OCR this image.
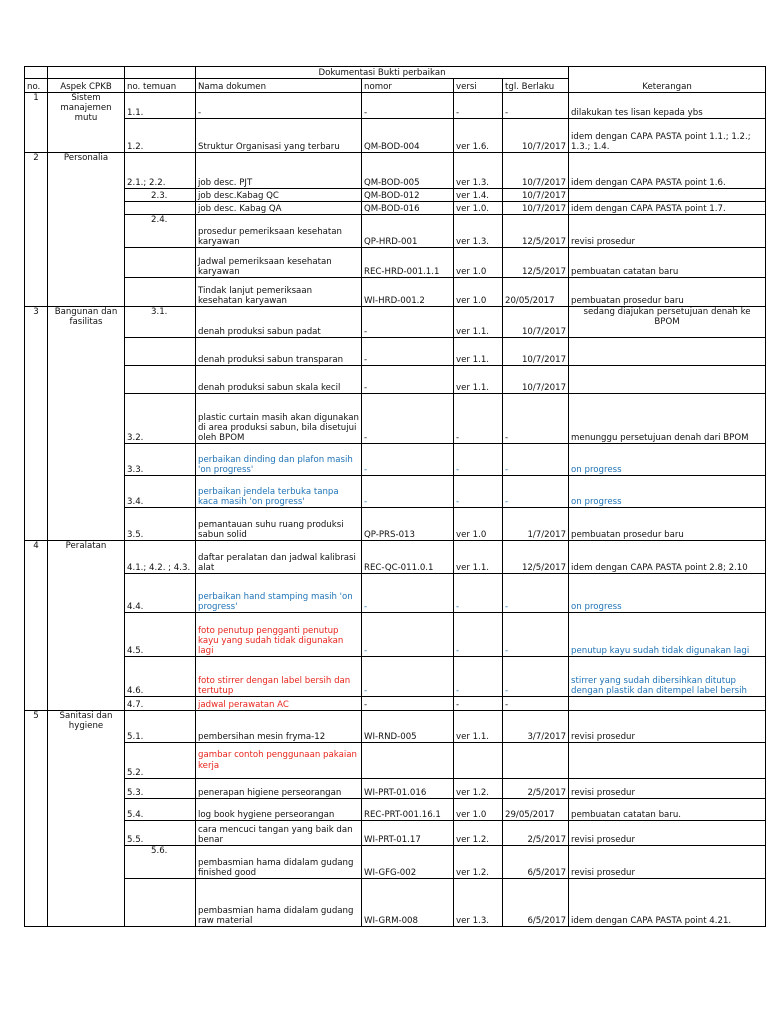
			Dokumentasi Bukti perbaikan				Keterangan
no.	Aspek CPKB	no. temuan	Nama dokumen	nomor	versi	tgl. Berlaku	
1	Sistem manajemen mutu	1.1.	-	-	-	-	dilakukan tes lisan kepada ybs
		1.2.	Struktur Organisasi yang terbaru	QM-BOD-004	ver 1.6.	10/7/2017	idem dengan CAPA PASTA point 1.1.; 1.2.; 1.3.; 1.4.
2	Personalia	2.1.; 2.2.	job desc. PJT	QM-BOD-005	ver 1.3.	10/7/2017	idem dengan CAPA PASTA point 1.6.
		2.3.	job desc.Kabag QC	QM-BOD-012	ver 1.4.	10/7/2017	
			job desc. Kabag QA	QM-BOD-016	ver 1.0.	10/7/2017	idem dengan CAPA PASTA point 1.7.
		2.4.	prosedur pemeriksaan kesehatan karyawan	QP-HRD-001	ver 1.3.	12/5/2017	revisi prosedur
			Jadwal pemeriksaan kesehatan karyawan	REC-HRD-001.1.1	ver 1.0	12/5/2017	pembuatan catatan baru
			Tindak lanjut pemeriksaan kesehatan karyawan	WI-HRD-001.2	ver 1.0	20/05/2017	pembuatan prosedur baru
3	Bangunan dan fasilitas	3.1.	denah produksi sabun padat	-	ver 1.1.	10/7/2017	sedang diajukan persetujuan denah ke BPOM
			denah produksi sabun transparan	-	ver 1.1.	10/7/2017	
			denah produksi sabun skala kecil	-	ver 1.1.	10/7/2017	
		3.2.	plastic curtain masih akan digunakan di area produksi sabun, bila disetujui oleh BPOM	-	-	-	menunggu persetujuan denah dari BPOM
		3.3.	perbaikan dinding dan plafon masih 'on progress'	-	-	-	on progress
		3.4.	perbaikan jendela terbuka tanpa kaca masih 'on progress'	-	-	-	on progress
		3.5.	pemantauan suhu ruang produksi sabun solid	QP-PRS-013	ver 1.0	1/7/2017	pembuatan prosedur baru
4	Peralatan	4.1.; 4.2. ; 4.3.	daftar peralatan dan jadwal kalibrasi alat	REC-QC-011.0.1	ver 1.1.	12/5/2017	idem dengan CAPA PASTA point 2.8; 2.10
		4.4.	perbaikan hand stamping masih 'on progress'	-	-	-	on progress
		4.5.	foto penutup pengganti penutup kayu yang sudah tidak digunakan lagi	-	-	-	penutup kayu sudah tidak digunakan lagi
		4.6.	foto stirrer dengan label bersih dan tertutup	-	-	-	stirrer yang sudah dibersihkan ditutup dengan plastik dan ditempel label bersih
		4.7.	jadwal perawatan AC	-	-	-	
5	Sanitasi dan hygiene	5.1.	pembersihan mesin fryma-12	WI-RND-005	ver 1.1.	3/7/2017	revisi prosedur
		5.2.	gambar contoh penggunaan pakaian kerja				
		5.3.	penerapan higiene perseorangan	WI-PRT-01.016	ver 1.2.	2/5/2017	revisi prosedur
		5.4.	log book hygiene perseorangan	REC-PRT-001.16.1	ver 1.0	29/05/2017	pembuatan catatan baru.
		5.5.	cara mencuci tangan yang baik dan benar	WI-PRT-01.17	ver 1.2.	2/5/2017	revisi prosedur
		5.6.	pembasmian hama didalam gudang finished good	WI-GFG-002	ver 1.2.	6/5/2017	revisi prosedur
			pembasmian hama didalam gudang raw material	WI-GRM-008	ver 1.3.	6/5/2017	idem dengan CAPA PASTA point 4.21.
